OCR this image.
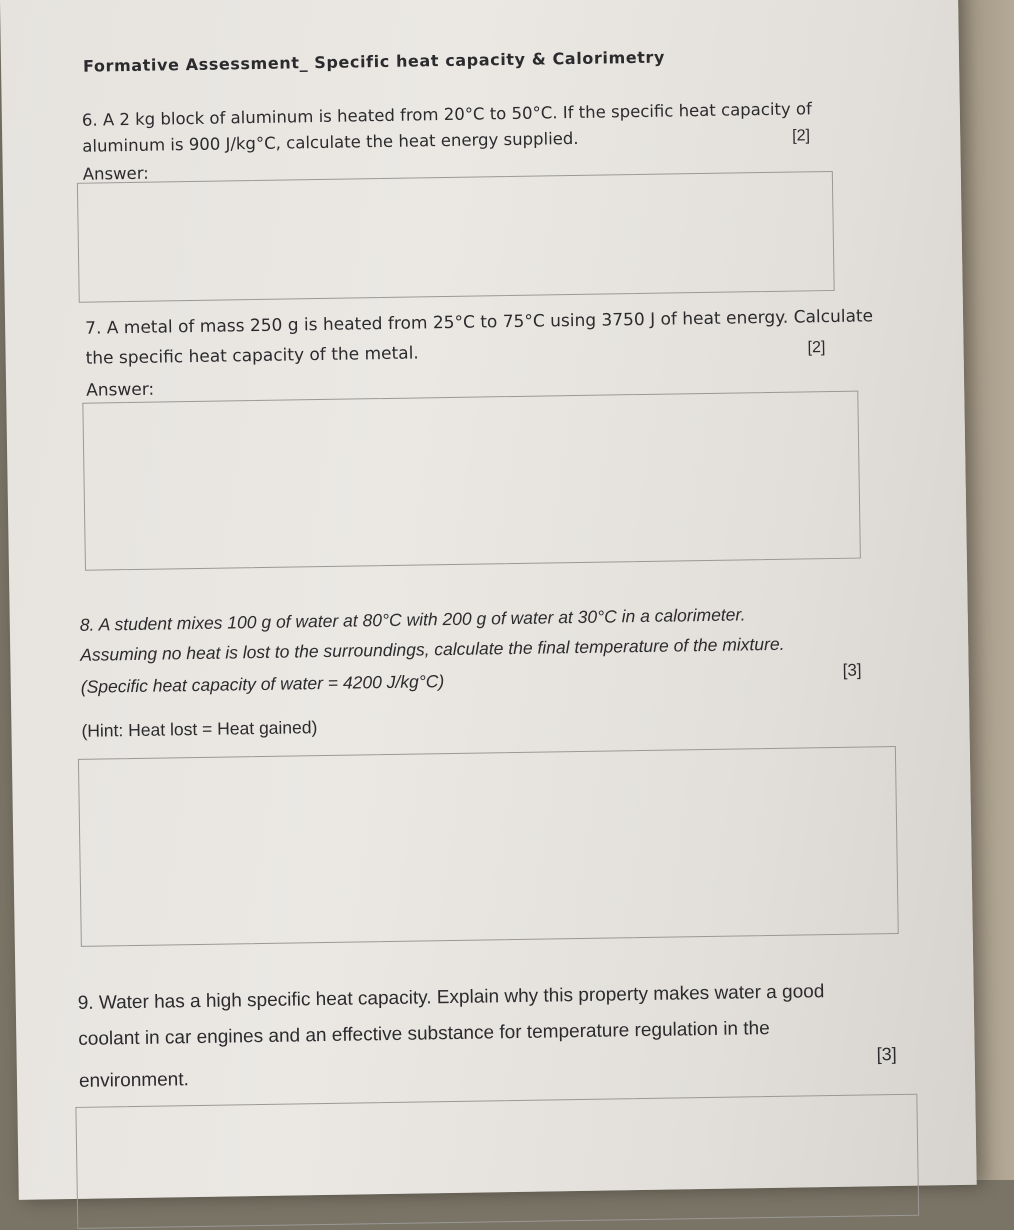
Formative Assessment_ Specific heat capacity & Calorimetry
6. A 2 kg block of aluminum is heated from 20°C to 50°C. If the specific heat capacity of
aluminum is 900 J/kg°C, calculate the heat energy supplied.	[2]
Answer:
7. A metal of mass 250 g is heated from 25°C to 75°C using 3750 J of heat energy. Calculate
the specific heat capacity of the metal.	[2]
Answer:
8. A student mixes 100 g of water at 80°C with 200 g of water at 30°C in a calorimeter.
Assuming no heat is lost to the surroundings, calculate the final temperature of the mixture.
(Specific heat capacity of water = 4200 J/kg°C)
[3]
(Hint: Heat lost = Heat gained)
9. Water has a high specific heat capacity. Explain why this property makes water a good
coolant in car engines and an effective substance for temperature regulation in the
environment.
[3]
